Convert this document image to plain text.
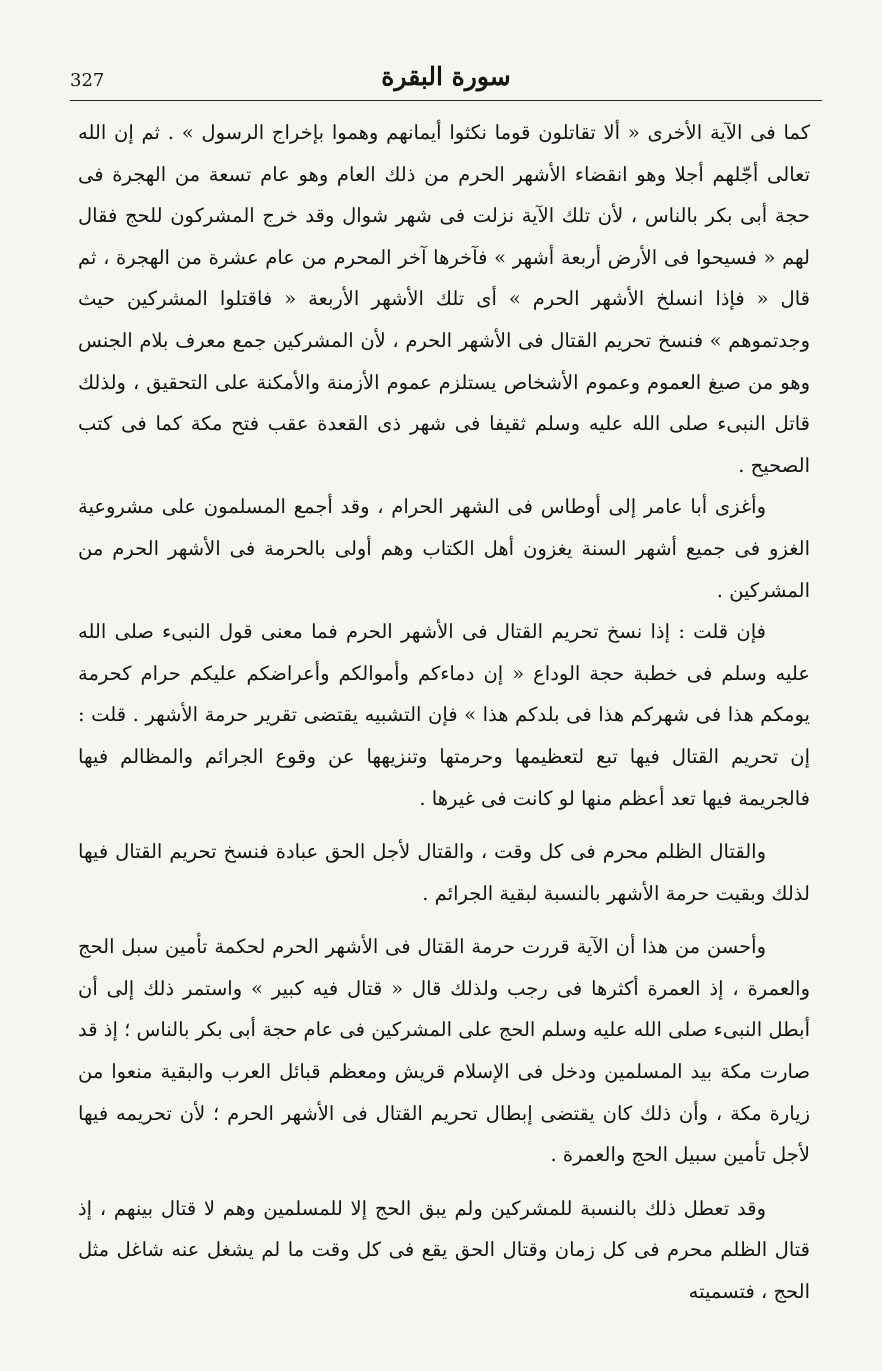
327	سورة البقرة

كما فى الآية الأخرى « ألا تقاتلون قوما نكثوا أيمانهم وهموا بإخراج الرسول » . ثم إن الله تعالى أجّلهم أجلا وهو انقضاء الأشهر الحرم من ذلك العام وهو عام تسعة من الهجرة فى حجة أبى بكر بالناس ، لأن تلك الآية نزلت فى شهر شوال وقد خرج المشركون للحج فقال لهم « فسيحوا فى الأرض أربعة أشهر » فآخرها آخر المحرم من عام عشرة من الهجرة ، ثم قال « فإذا انسلخ الأشهر الحرم » أى تلك الأشهر الأربعة « فاقتلوا المشركين حيث وجدتموهم » فنسخ تحريم القتال فى الأشهر الحرم ، لأن المشركين جمع معرف بلام الجنس وهو من صيغ العموم وعموم الأشخاص يستلزم عموم الأزمنة والأمكنة على التحقيق ، ولذلك قاتل النبىء صلى الله عليه وسلم ثقيفا فى شهر ذى القعدة عقب فتح مكة كما فى كتب الصحيح .

وأغزى أبا عامر إلى أوطاس فى الشهر الحرام ، وقد أجمع المسلمون على مشروعية الغزو فى جميع أشهر السنة يغزون أهل الكتاب وهم أولى بالحرمة فى الأشهر الحرم من المشركين .

فإن قلت : إذا نسخ تحريم القتال فى الأشهر الحرم فما معنى قول النبىء صلى الله عليه وسلم فى خطبة حجة الوداع « إن دماءكم وأموالكم وأعراضكم عليكم حرام كحرمة يومكم هذا فى شهركم هذا فى بلدكم هذا » فإن التشبيه يقتضى تقرير حرمة الأشهر . قلت : إن تحريم القتال فيها تبع لتعظيمها وحرمتها وتنزيهها عن وقوع الجرائم والمظالم فيها فالجريمة فيها تعد أعظم منها لو كانت فى غيرها .

والقتال الظلم محرم فى كل وقت ، والقتال لأجل الحق عبادة فنسخ تحريم القتال فيها لذلك وبقيت حرمة الأشهر بالنسبة لبقية الجرائم .

وأحسن من هذا أن الآية قررت حرمة القتال فى الأشهر الحرم لحكمة تأمين سبل الحج والعمرة ، إذ العمرة أكثرها فى رجب ولذلك قال « قتال فيه كبير » واستمر ذلك إلى أن أبطل النبىء صلى الله عليه وسلم الحج على المشركين فى عام حجة أبى بكر بالناس ؛ إذ قد صارت مكة بيد المسلمين ودخل فى الإسلام قريش ومعظم قبائل العرب والبقية منعوا من زيارة مكة ، وأن ذلك كان يقتضى إبطال تحريم القتال فى الأشهر الحرم ؛ لأن تحريمه فيها لأجل تأمين سبيل الحج والعمرة .

وقد تعطل ذلك بالنسبة للمشركين ولم يبق الحج إلا للمسلمين وهم لا قتال بينهم ، إذ قتال الظلم محرم فى كل زمان وقتال الحق يقع فى كل وقت ما لم يشغل عنه شاغل مثل الحج ، فتسميته
